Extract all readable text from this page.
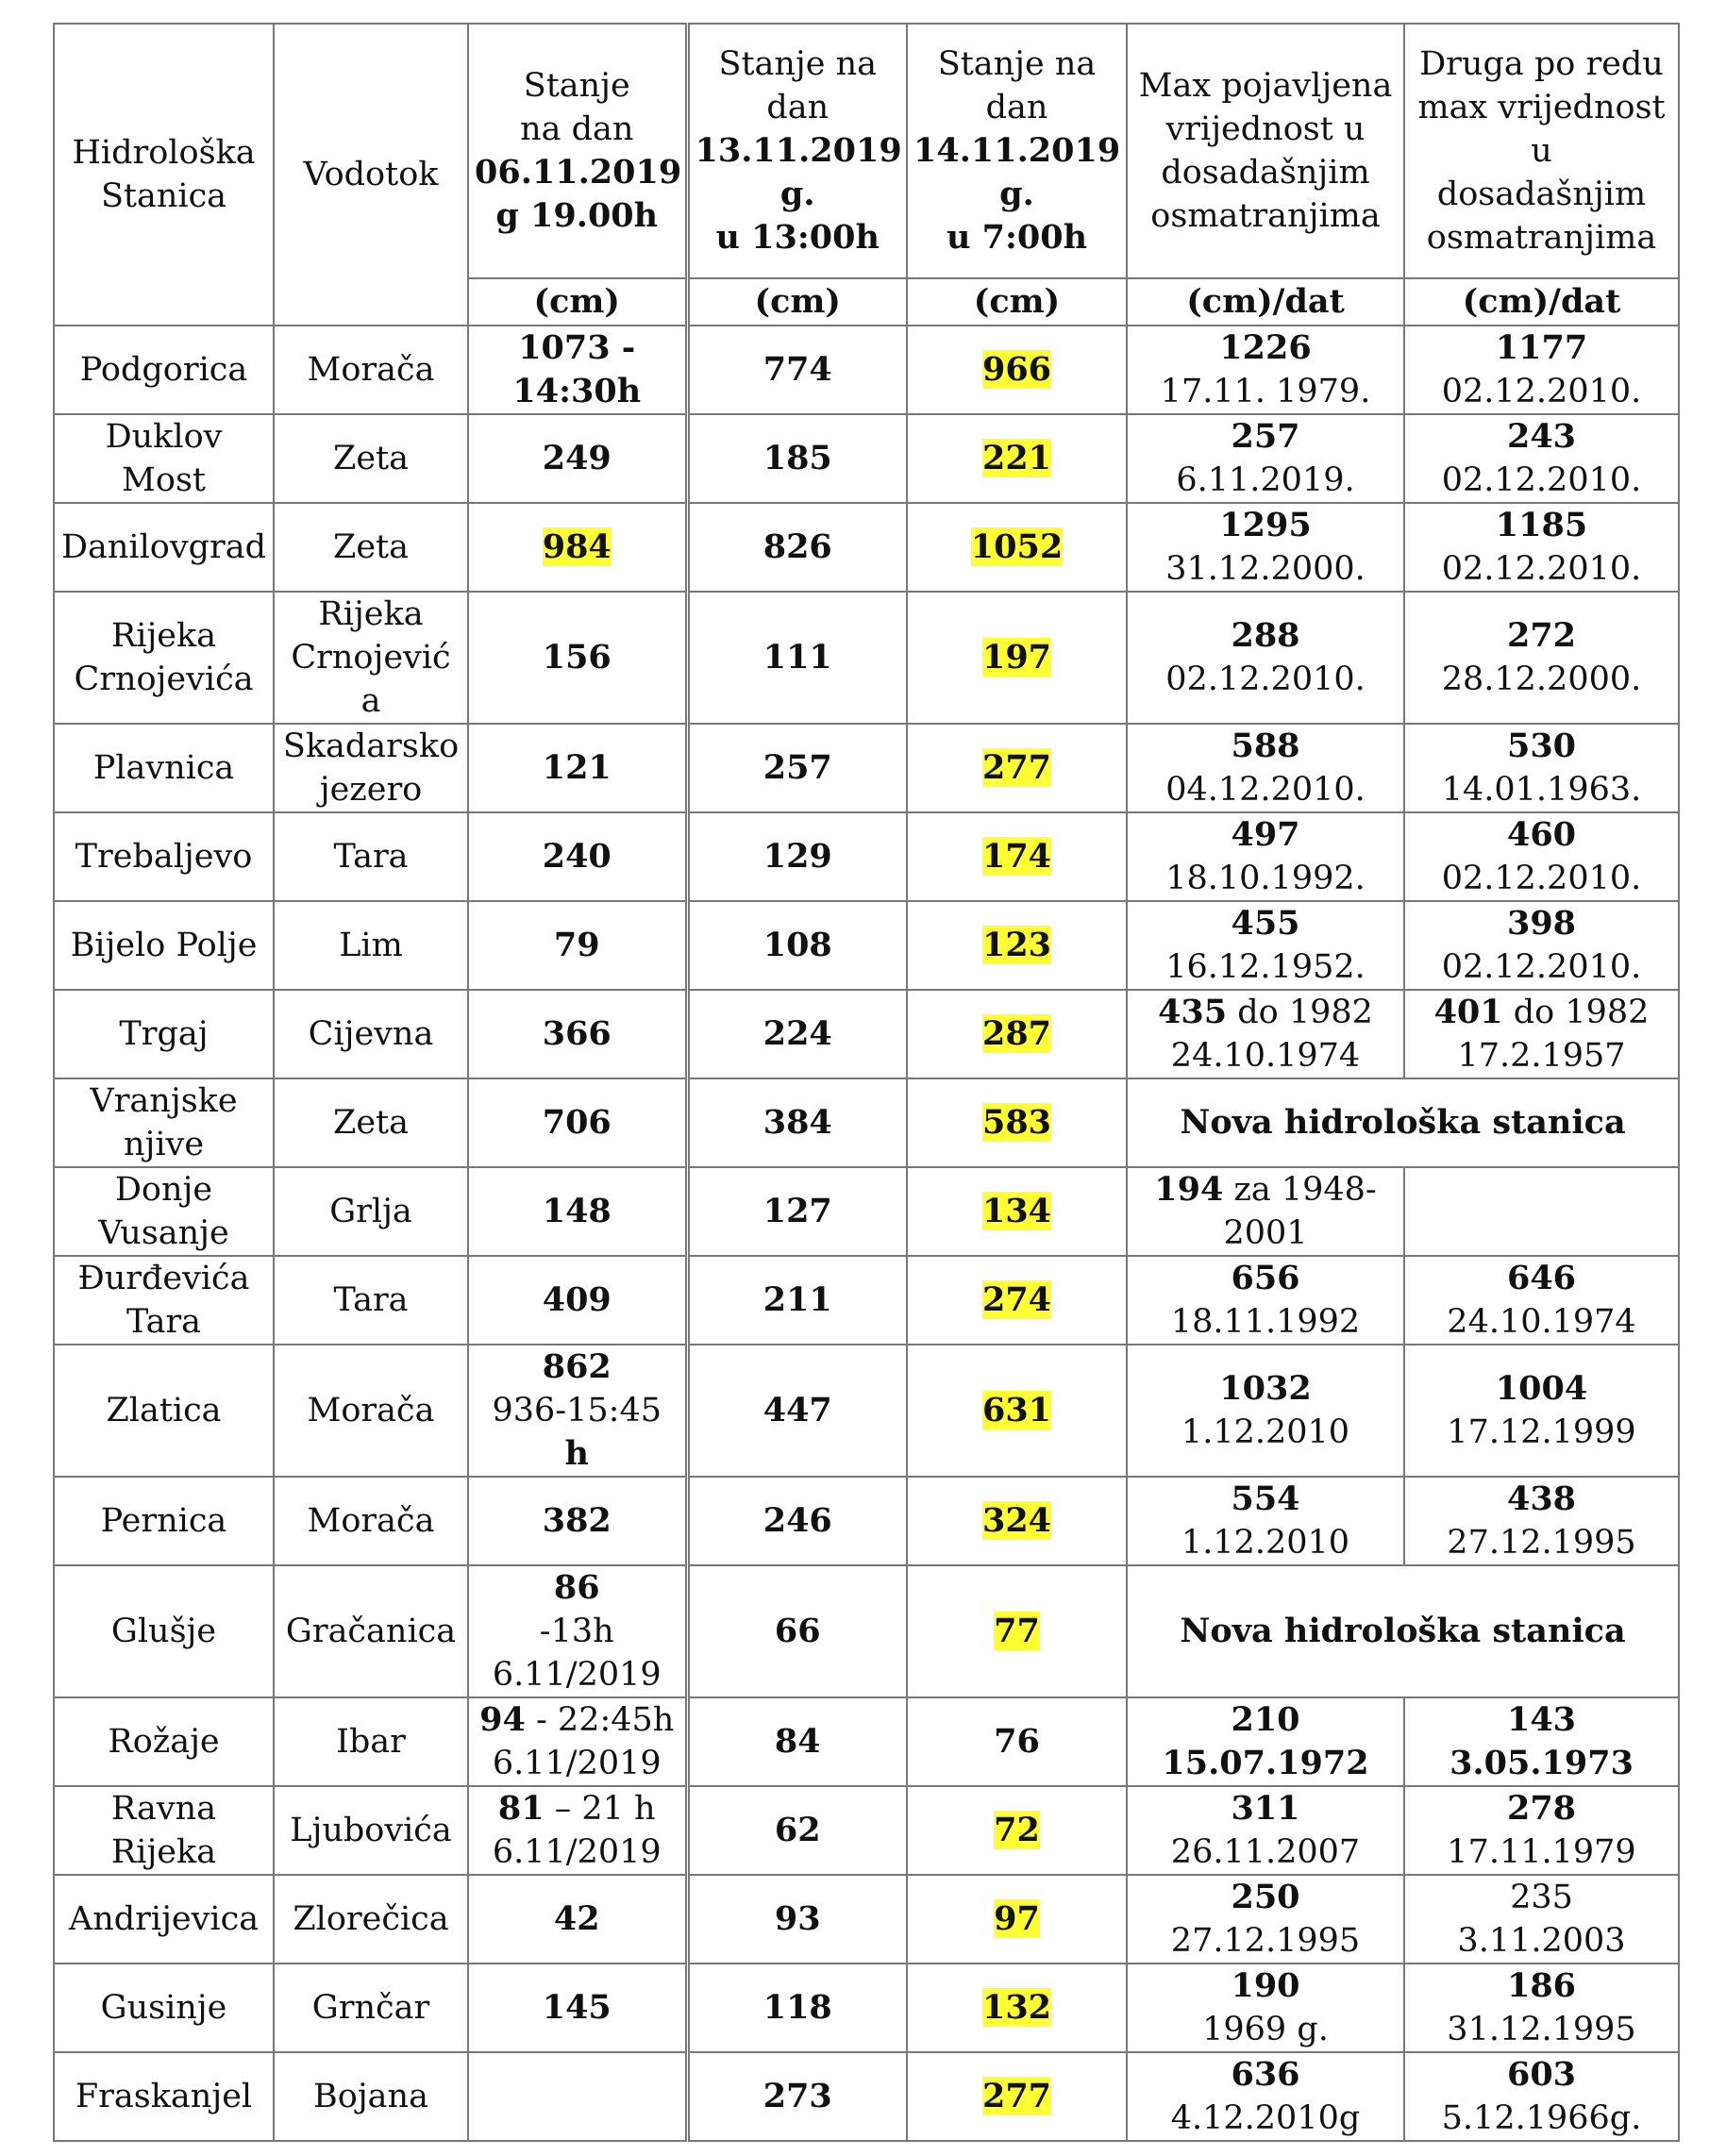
Hidrološka
Stanica	Vodotok	Stanje
na dan
06.11.2019
g 19.00h	Stanje na
dan
13.11.2019
g.
u 13:00h	Stanje na
dan
14.11.2019
g.
u 7:00h	Max pojavljena
vrijednost u
dosadašnjim
osmatranjima	Druga po redu
max vrijednost u
dosadašnjim
osmatranjima

		(cm)	(cm)	(cm)	(cm)/dat	(cm)/dat

Podgorica	Morača	1073 -
14:30h	774	966	1226
17.11. 1979.	1177
02.12.2010.

Duklov Most	Zeta	249	185	221	257
6.11.2019.	243
02.12.2010.

Danilovgrad	Zeta	984	826	1052	1295
31.12.2000.	1185
02.12.2010.

Rijeka
Crnojevića	Rijeka
Crnojević
a	156	111	197	288
02.12.2010.	272
28.12.2000.

Plavnica	Skadarsko
jezero	121	257	277	588
04.12.2010.	530
14.01.1963.

Trebaljevo	Tara	240	129	174	497
18.10.1992.	460
02.12.2010.

Bijelo Polje	Lim	79	108	123	455
16.12.1952.	398
02.12.2010.

Trgaj	Cijevna	366	224	287	435 do 1982
24.10.1974	401 do 1982
17.2.1957

Vranjske
njive	Zeta	706	384	583	Nova hidrološka stanica	

Donje
Vusanje	Grlja	148	127	134	194 za 1948-
2001	

Đurđevića
Tara	Tara	409	211	274	656
18.11.1992	646
24.10.1974

Zlatica	Morača	862
936-15:45 h	447	631	1032
1.12.2010	1004
17.12.1999

Pernica	Morača	382	246	324	554
1.12.2010	438
27.12.1995

Glušje	Gračanica	86
-13h
6.11/2019	66	77	Nova hidrološka stanica	

Rožaje	Ibar	94 - 22:45h
6.11/2019	84	76	210
15.07.1972	143
3.05.1973

Ravna
Rijeka	Ljubovića	81 – 21 h
6.11/2019	62	72	311
26.11.2007	278
17.11.1979

Andrijevica	Zlorečica	42	93	97	250
27.12.1995	235
3.11.2003

Gusinje	Grnčar	145	118	132	190
1969 g.	186
31.12.1995

Fraskanjel	Bojana		273	277	636
4.12.2010g	603
5.12.1966g.
